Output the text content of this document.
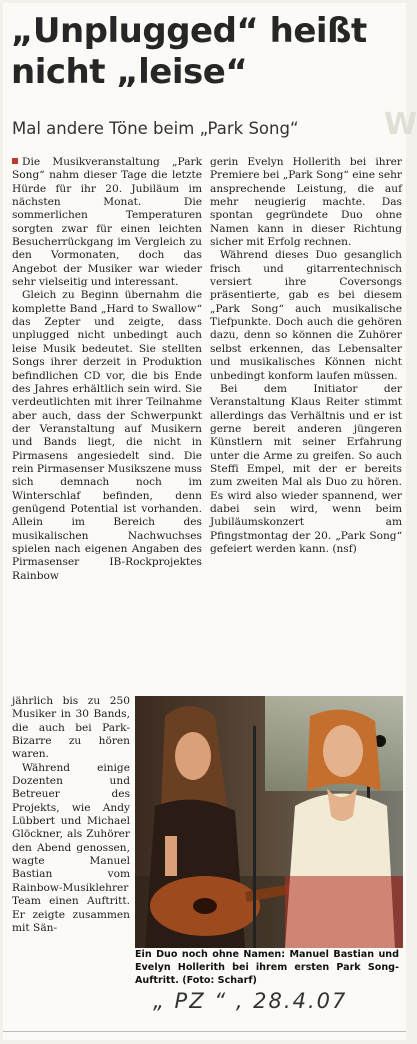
W
„Unplugged“ heißt
nicht „leise“
Mal andere Töne beim „Park Song“

Die Musikveranstaltung „Park Song“ nahm dieser Tage die letzte Hürde für ihr 20. Jubiläum im nächsten Monat. Die sommerlichen Temperaturen sorgten zwar für einen leichten Besucherrückgang im Vergleich zu den Vormonaten, doch das Angebot der Musiker war wieder sehr vielseitig und interessant.

Gleich zu Beginn übernahm die komplette Band „Hard to Swallow“ das Zepter und zeigte, dass unplugged nicht unbedingt auch leise Musik bedeutet. Sie stellten Songs ihrer derzeit in Produktion befindlichen CD vor, die bis Ende des Jahres erhältlich sein wird. Sie verdeutlichten mit ihrer Teilnahme aber auch, dass der Schwerpunkt der Veranstaltung auf Musikern und Bands liegt, die nicht in Pirmasens angesiedelt sind. Die rein Pirmasenser Musikszene muss sich demnach noch im Winterschlaf befinden, denn genügend Potential ist vorhanden. Allein im Bereich des musikalischen Nachwuchses spielen nach eigenen Angaben des Pirmasenser IB-Rockprojektes Rainbow

jährlich bis zu 250 Musiker in 30 Bands, die auch bei Park-Bizarre zu hören waren.

Während einige Dozenten und Betreuer des Projekts, wie Andy Lübbert und Michael Glöckner, als Zuhörer den Abend genossen, wagte Manuel Bastian vom Rainbow-Musiklehrer Team einen Auftritt. Er zeigte zusammen mit Sän-

gerin Evelyn Hollerith bei ihrer Premiere bei „Park Song“ eine sehr ansprechende Leistung, die auf mehr neugierig machte. Das spontan gegründete Duo ohne Namen kann in dieser Richtung sicher mit Erfolg rechnen.

Während dieses Duo gesanglich frisch und gitarrentechnisch versiert ihre Coversongs präsentierte, gab es bei diesem „Park Song“ auch musikalische Tiefpunkte. Doch auch die gehören dazu, denn so können die Zuhörer selbst erkennen, das Lebensalter und musikalisches Können nicht unbedingt konform laufen müssen.

Bei dem Initiator der Veranstaltung Klaus Reiter stimmt allerdings das Verhältnis und er ist gerne bereit anderen jüngeren Künstlern mit seiner Erfahrung unter die Arme zu greifen. So auch Steffi Empel, mit der er bereits zum zweiten Mal als Duo zu hören. Es wird also wieder spannend, wer dabei sein wird, wenn beim Jubiläumskonzert am Pfingstmontag der 20. „Park Song“ gefeiert werden kann. (nsf)

Ein Duo noch ohne Namen: Manuel Bastian und Evelyn Hollerith bei ihrem ersten Park Song-Auftritt. (Foto: Scharf)
„ PZ “ , 28.4.07
